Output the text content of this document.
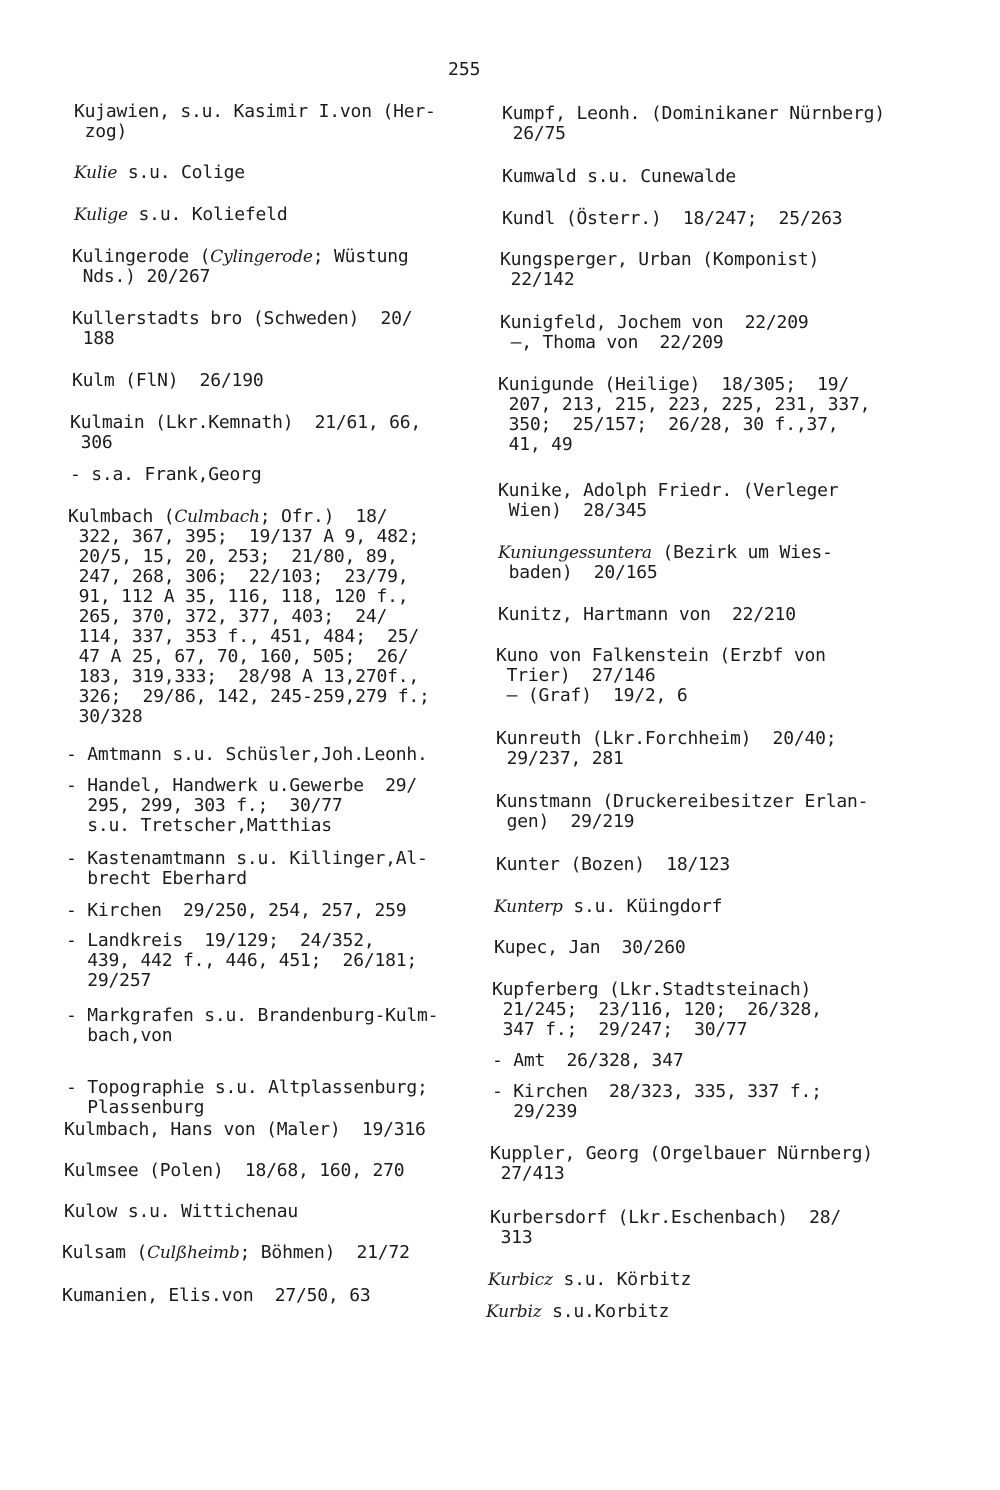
255
Kujawien, s.u. Kasimir I.von (Her-
zog)
Kulie s.u. Colige
Kulige s.u. Koliefeld
Kulingerode (Cylingerode; Wüstung
Nds.) 20/267
Kullerstadts bro (Schweden)  20/
188
Kulm (FlN)  26/190
Kulmain (Lkr.Kemnath)  21/61, 66,
306
- s.a. Frank,Georg
Kulmbach (Culmbach; Ofr.)  18/
322, 367, 395;  19/137 A 9, 482;
20/5, 15, 20, 253;  21/80, 89,
247, 268, 306;  22/103;  23/79,
91, 112 A 35, 116, 118, 120 f.,
265, 370, 372, 377, 403;  24/
114, 337, 353 f., 451, 484;  25/
47 A 25, 67, 70, 160, 505;  26/
183, 319,333;  28/98 A 13,270f.,
326;  29/86, 142, 245-259,279 f.;
30/328
- Amtmann s.u. Schüsler,Joh.Leonh.
- Handel, Handwerk u.Gewerbe  29/
295, 299, 303 f.;  30/77
s.u. Tretscher,Matthias
- Kastenamtmann s.u. Killinger,Al-
brecht Eberhard
- Kirchen  29/250, 254, 257, 259
- Landkreis  19/129;  24/352,
439, 442 f., 446, 451;  26/181;
29/257
- Markgrafen s.u. Brandenburg-Kulm-
bach,von
- Topographie s.u. Altplassenburg;
Plassenburg
Kulmbach, Hans von (Maler)  19/316
Kulmsee (Polen)  18/68, 160, 270
Kulow s.u. Wittichenau
Kulsam (Culßheimb; Böhmen)  21/72
Kumanien, Elis.von  27/50, 63
Kumpf, Leonh. (Dominikaner Nürnberg)
26/75
Kumwald s.u. Cunewalde
Kundl (Österr.)  18/247;  25/263
Kungsperger, Urban (Komponist)
22/142
Kunigfeld, Jochem von  22/209
—, Thoma von  22/209
Kunigunde (Heilige)  18/305;  19/
207, 213, 215, 223, 225, 231, 337,
350;  25/157;  26/28, 30 f.,37,
41, 49
Kunike, Adolph Friedr. (Verleger
Wien)  28/345
Kuniungessuntera (Bezirk um Wies-
baden)  20/165
Kunitz, Hartmann von  22/210
Kuno von Falkenstein (Erzbf von
Trier)  27/146
— (Graf)  19/2, 6
Kunreuth (Lkr.Forchheim)  20/40;
29/237, 281
Kunstmann (Druckereibesitzer Erlan-
gen)  29/219
Kunter (Bozen)  18/123
Kunterp s.u. Küingdorf
Kupec, Jan  30/260
Kupferberg (Lkr.Stadtsteinach)
21/245;  23/116, 120;  26/328,
347 f.;  29/247;  30/77
- Amt  26/328, 347
- Kirchen  28/323, 335, 337 f.;
29/239
Kuppler, Georg (Orgelbauer Nürnberg)
27/413
Kurbersdorf (Lkr.Eschenbach)  28/
313
Kurbicz s.u. Körbitz
Kurbiz s.u.Korbitz
